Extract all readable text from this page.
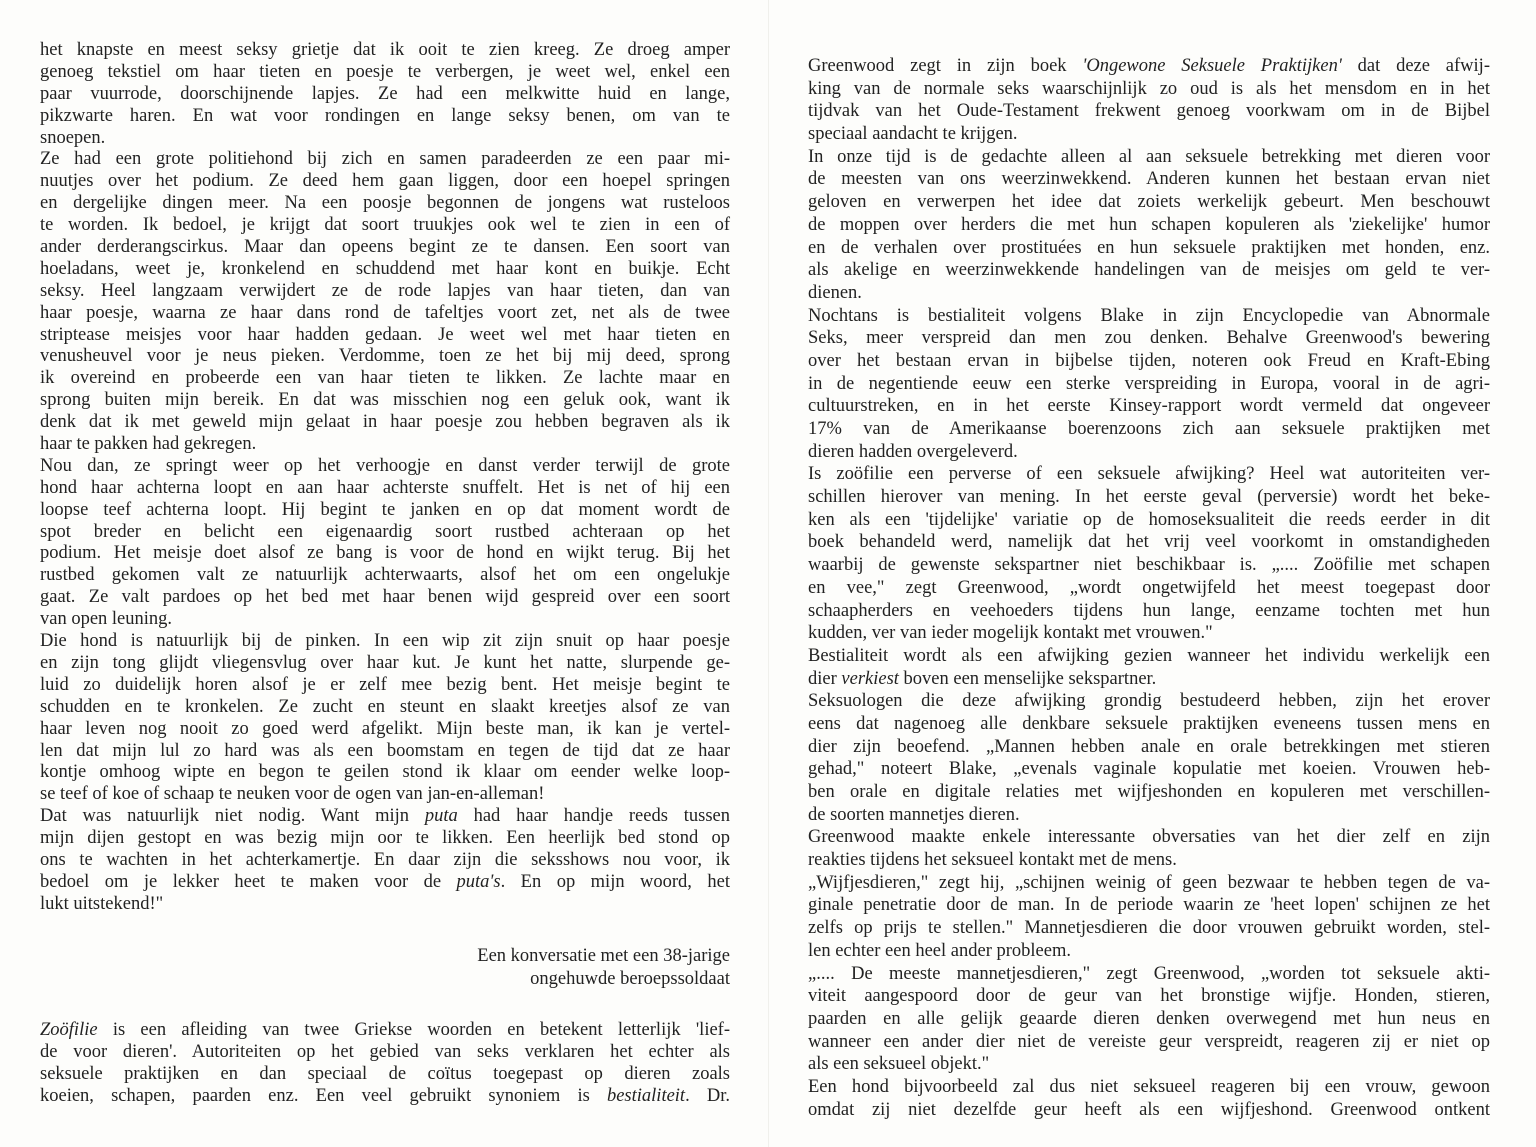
het knapste en meest seksy grietje dat ik ooit te zien kreeg. Ze droeg amper
genoeg tekstiel om haar tieten en poesje te verbergen, je weet wel, enkel een
paar vuurrode, doorschijnende lapjes. Ze had een melkwitte huid en lange,
pikzwarte haren. En wat voor rondingen en lange seksy benen, om van te
snoepen.
Ze had een grote politiehond bij zich en samen paradeerden ze een paar mi-
nuutjes over het podium. Ze deed hem gaan liggen, door een hoepel springen
en dergelijke dingen meer. Na een poosje begonnen de jongens wat rusteloos
te worden. Ik bedoel, je krijgt dat soort truukjes ook wel te zien in een of
ander derderangscirkus. Maar dan opeens begint ze te dansen. Een soort van
hoeladans, weet je, kronkelend en schuddend met haar kont en buikje. Echt
seksy. Heel langzaam verwijdert ze de rode lapjes van haar tieten, dan van
haar poesje, waarna ze haar dans rond de tafeltjes voort zet, net als de twee
striptease meisjes voor haar hadden gedaan. Je weet wel met haar tieten en
venusheuvel voor je neus pieken. Verdomme, toen ze het bij mij deed, sprong
ik overeind en probeerde een van haar tieten te likken. Ze lachte maar en
sprong buiten mijn bereik. En dat was misschien nog een geluk ook, want ik
denk dat ik met geweld mijn gelaat in haar poesje zou hebben begraven als ik
haar te pakken had gekregen.
Nou dan, ze springt weer op het verhoogje en danst verder terwijl de grote
hond haar achterna loopt en aan haar achterste snuffelt. Het is net of hij een
loopse teef achterna loopt. Hij begint te janken en op dat moment wordt de
spot breder en belicht een eigenaardig soort rustbed achteraan op het
podium. Het meisje doet alsof ze bang is voor de hond en wijkt terug. Bij het
rustbed gekomen valt ze natuurlijk achterwaarts, alsof het om een ongelukje
gaat. Ze valt pardoes op het bed met haar benen wijd gespreid over een soort
van open leuning.
Die hond is natuurlijk bij de pinken. In een wip zit zijn snuit op haar poesje
en zijn tong glijdt vliegensvlug over haar kut. Je kunt het natte, slurpende ge-
luid zo duidelijk horen alsof je er zelf mee bezig bent. Het meisje begint te
schudden en te kronkelen. Ze zucht en steunt en slaakt kreetjes alsof ze van
haar leven nog nooit zo goed werd afgelikt. Mijn beste man, ik kan je vertel-
len dat mijn lul zo hard was als een boomstam en tegen de tijd dat ze haar
kontje omhoog wipte en begon te geilen stond ik klaar om eender welke loop-
se teef of koe of schaap te neuken voor de ogen van jan-en-alleman!
Dat was natuurlijk niet nodig. Want mijn puta had haar handje reeds tussen
mijn dijen gestopt en was bezig mijn oor te likken. Een heerlijk bed stond op
ons te wachten in het achterkamertje. En daar zijn die seksshows nou voor, ik
bedoel om je lekker heet te maken voor de puta's. En op mijn woord, het
lukt uitstekend!"
Een konversatie met een 38-jarige
ongehuwde beroepssoldaat
Zoöfilie is een afleiding van twee Griekse woorden en betekent letterlijk 'lief-
de voor dieren'. Autoriteiten op het gebied van seks verklaren het echter als
seksuele praktijken en dan speciaal de coïtus toegepast op dieren zoals
koeien, schapen, paarden enz. Een veel gebruikt synoniem is bestialiteit. Dr.
Greenwood zegt in zijn boek 'Ongewone Seksuele Praktijken' dat deze afwij-
king van de normale seks waarschijnlijk zo oud is als het mensdom en in het
tijdvak van het Oude-Testament frekwent genoeg voorkwam om in de Bijbel
speciaal aandacht te krijgen.
In onze tijd is de gedachte alleen al aan seksuele betrekking met dieren voor
de meesten van ons weerzinwekkend. Anderen kunnen het bestaan ervan niet
geloven en verwerpen het idee dat zoiets werkelijk gebeurt. Men beschouwt
de moppen over herders die met hun schapen kopuleren als 'ziekelijke' humor
en de verhalen over prostituées en hun seksuele praktijken met honden, enz.
als akelige en weerzinwekkende handelingen van de meisjes om geld te ver-
dienen.
Nochtans is bestialiteit volgens Blake in zijn Encyclopedie van Abnormale
Seks, meer verspreid dan men zou denken. Behalve Greenwood's bewering
over het bestaan ervan in bijbelse tijden, noteren ook Freud en Kraft-Ebing
in de negentiende eeuw een sterke verspreiding in Europa, vooral in de agri-
cultuurstreken, en in het eerste Kinsey-rapport wordt vermeld dat ongeveer
17% van de Amerikaanse boerenzoons zich aan seksuele praktijken met
dieren hadden overgeleverd.
Is zoöfilie een perverse of een seksuele afwijking? Heel wat autoriteiten ver-
schillen hierover van mening. In het eerste geval (perversie) wordt het beke-
ken als een 'tijdelijke' variatie op de homoseksualiteit die reeds eerder in dit
boek behandeld werd, namelijk dat het vrij veel voorkomt in omstandigheden
waarbij de gewenste sekspartner niet beschikbaar is. „.... Zoöfilie met schapen
en vee," zegt Greenwood, „wordt ongetwijfeld het meest toegepast door
schaapherders en veehoeders tijdens hun lange, eenzame tochten met hun
kudden, ver van ieder mogelijk kontakt met vrouwen."
Bestialiteit wordt als een afwijking gezien wanneer het individu werkelijk een
dier verkiest boven een menselijke sekspartner.
Seksuologen die deze afwijking grondig bestudeerd hebben, zijn het erover
eens dat nagenoeg alle denkbare seksuele praktijken eveneens tussen mens en
dier zijn beoefend. „Mannen hebben anale en orale betrekkingen met stieren
gehad," noteert Blake, „evenals vaginale kopulatie met koeien. Vrouwen heb-
ben orale en digitale relaties met wijfjeshonden en kopuleren met verschillen-
de soorten mannetjes dieren.
Greenwood maakte enkele interessante obversaties van het dier zelf en zijn
reakties tijdens het seksueel kontakt met de mens.
„Wijfjesdieren," zegt hij, „schijnen weinig of geen bezwaar te hebben tegen de va-
ginale penetratie door de man. In de periode waarin ze 'heet lopen' schijnen ze het
zelfs op prijs te stellen." Mannetjesdieren die door vrouwen gebruikt worden, stel-
len echter een heel ander probleem.
„.... De meeste mannetjesdieren," zegt Greenwood, „worden tot seksuele akti-
viteit aangespoord door de geur van het bronstige wijfje. Honden, stieren,
paarden en alle gelijk geaarde dieren denken overwegend met hun neus en
wanneer een ander dier niet de vereiste geur verspreidt, reageren zij er niet op
als een seksueel objekt."
Een hond bijvoorbeeld zal dus niet seksueel reageren bij een vrouw, gewoon
omdat zij niet dezelfde geur heeft als een wijfjeshond. Greenwood ontkent
